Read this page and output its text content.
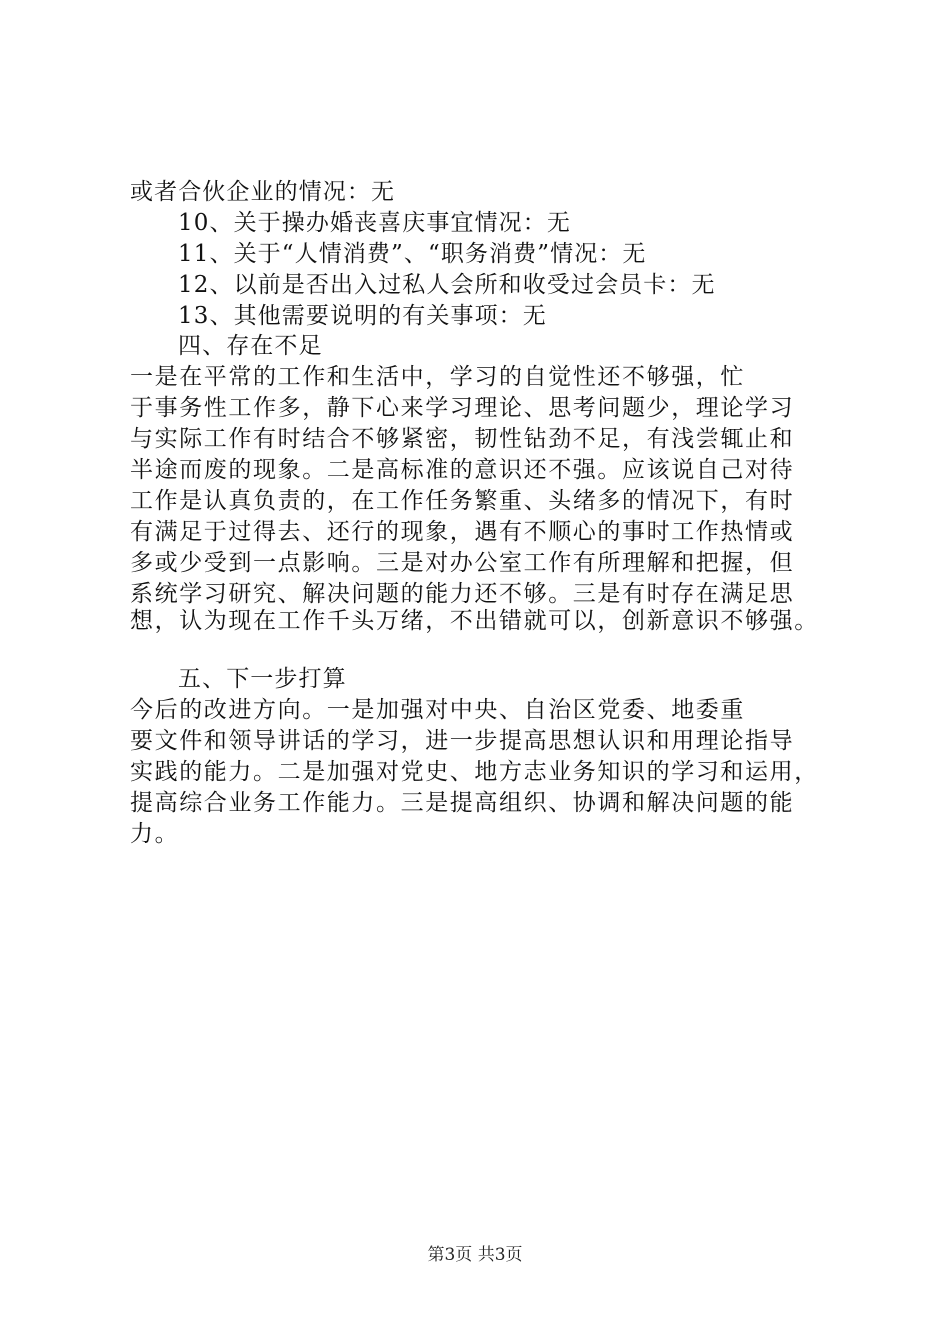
或者合伙企业的情况：无
10、关于操办婚丧喜庆事宜情况：无
11、关于“人情消费”、“职务消费”情况：无
12、以前是否出入过私人会所和收受过会员卡：无
13、其他需要说明的有关事项：无
四、存在不足
一是在平常的工作和生活中，学习的自觉性还不够强，忙
于事务性工作多，静下心来学习理论、思考问题少，理论学习
与实际工作有时结合不够紧密，韧性钻劲不足，有浅尝辄止和
半途而废的现象。二是高标准的意识还不强。应该说自己对待
工作是认真负责的，在工作任务繁重、头绪多的情况下，有时
有满足于过得去、还行的现象，遇有不顺心的事时工作热情或
多或少受到一点影响。三是对办公室工作有所理解和把握，但
系统学习研究、解决问题的能力还不够。三是有时存在满足思
想，认为现在工作千头万绪，不出错就可以，创新意识不够强。
五、下一步打算
今后的改进方向。一是加强对中央、自治区党委、地委重
要文件和领导讲话的学习，进一步提高思想认识和用理论指导
实践的能力。二是加强对党史、地方志业务知识的学习和运用，
提高综合业务工作能力。三是提高组织、协调和解决问题的能
力。
第3页 共3页
